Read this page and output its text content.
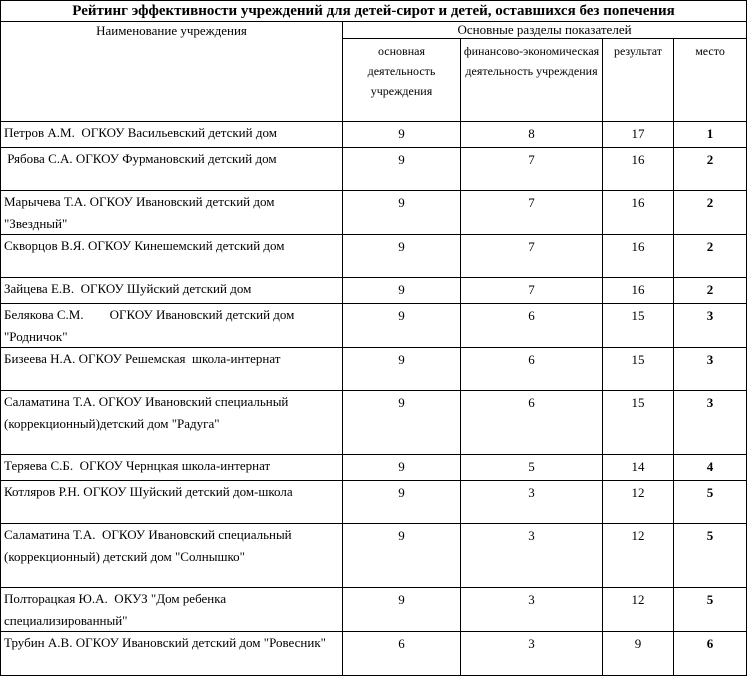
Рейтинг эффективности учреждений для детей-сирот и детей, оставшихся без попечения				
Наименование учреждения	Основные разделы показателей			
	основная деятельность учреждения	финансово-экономическая деятельность учреждения	результат	место
Петров А.М.  ОГКОУ Васильевский детский дом	9	8	17	1
Рябова С.А. ОГКОУ Фурмановский детский дом	9	7	16	2
Марычева Т.А. ОГКОУ Ивановский детский дом "Звездный"	9	7	16	2
Скворцов В.Я. ОГКОУ Кинешемский детский дом	9	7	16	2
Зайцева Е.В.  ОГКОУ Шуйский детский дом	9	7	16	2
Белякова С.М.        ОГКОУ Ивановский детский дом "Родничок"	9	6	15	3
Бизеева Н.А. ОГКОУ Решемская  школа-интернат	9	6	15	3
Саламатина Т.А. ОГКОУ Ивановский специальный (коррекционный)детский дом "Радуга"	9	6	15	3
Теряева С.Б.  ОГКОУ Чернцкая школа-интернат	9	5	14	4
Котляров Р.Н. ОГКОУ Шуйский детский дом-школа	9	3	12	5
Саламатина Т.А.  ОГКОУ Ивановский специальный (коррекционный) детский дом "Солнышко"	9	3	12	5
Полторацкая Ю.А.  ОКУЗ "Дом ребенка специализированный"	9	3	12	5
Трубин А.В. ОГКОУ Ивановский детский дом "Ровесник"	6	3	9	6
